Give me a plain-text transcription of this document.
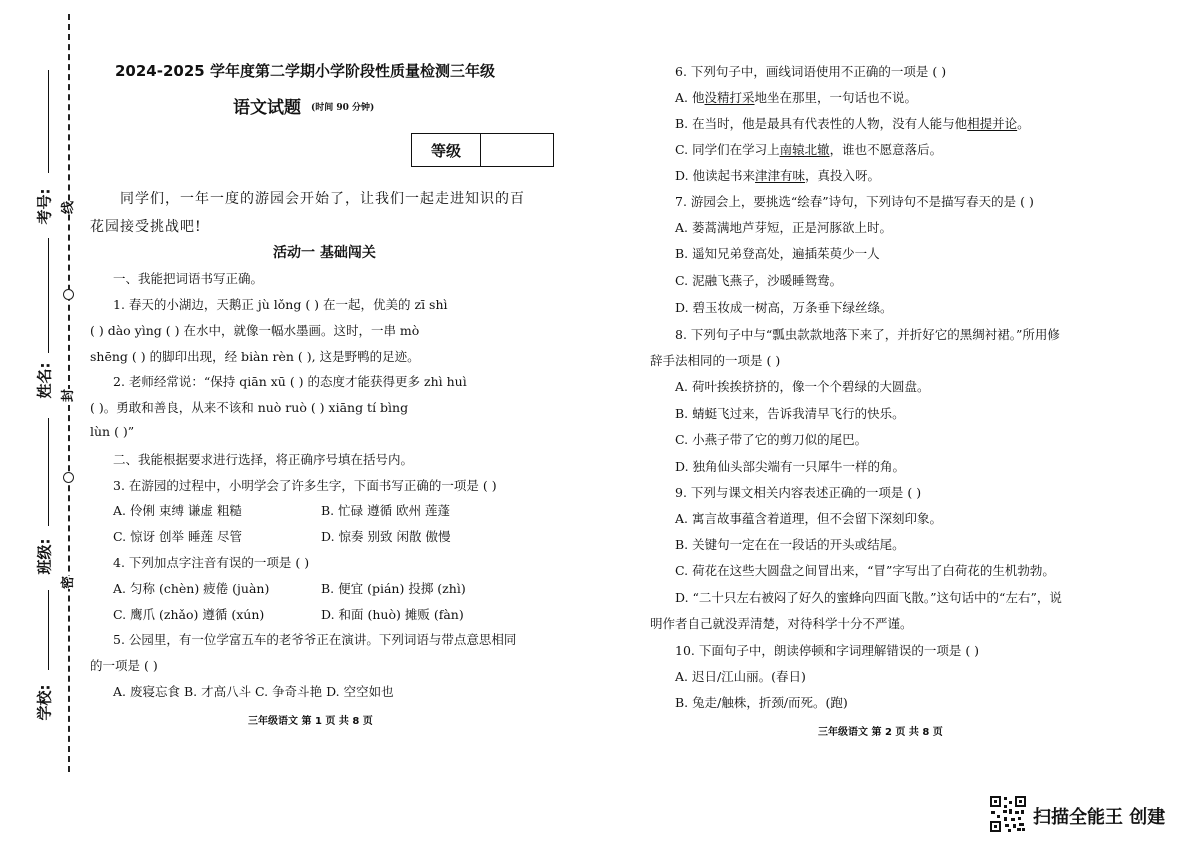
线
封
密
考号:
姓名:
班级:
学校:
2024-2025 学年度第二学期小学阶段性质量检测三年级
语文试题 (时间 90 分钟)
等级
同学们，一年一度的游园会开始了，让我们一起走进知识的百
花园接受挑战吧!
活动一 基础闯关
一、我能把词语书写正确。
1. 春天的小湖边，天鹅正 jù lǒng ( ) 在一起，优美的 zī shì
( ) dào yìng ( ) 在水中，就像一幅水墨画。这时，一串 mò
shēng ( ) 的脚印出现，经 biàn rèn ( ), 这是野鸭的足迹。
2. 老师经常说：“保持 qiān xū ( ) 的态度才能获得更多 zhì huì
( )。勇敢和善良，从来不该和 nuò ruò ( ) xiāng tí bìng
lùn ( )”
二、我能根据要求进行选择，将正确序号填在括号内。
3. 在游园的过程中，小明学会了许多生字，下面书写正确的一项是 ( )
A. 伶俐 束缚 谦虚 粗糙	B. 忙碌 遵循 欧州 莲蓬
C. 惊讶 创举 睡莲 尽管	D. 惊奏 别致 闲散 傲慢
4. 下列加点字注音有误的一项是 ( )
A. 匀称 (chèn) 疲倦 (juàn)	B. 便宜 (pián) 投掷 (zhì)
C. 鹰爪 (zhǎo) 遵循 (xún)	D. 和面 (huò) 摊贩 (fàn)
5. 公园里，有一位学富五车的老爷爷正在演讲。下列词语与带点意思相同
的一项是 ( )
A. 废寝忘食 B. 才高八斗 C. 争奇斗艳 D. 空空如也
三年级语文 第 1 页 共 8 页
6. 下列句子中，画线词语使用不正确的一项是 ( )
A. 他没精打采地坐在那里，一句话也不说。
B. 在当时，他是最具有代表性的人物，没有人能与他相提并论。
C. 同学们在学习上南辕北辙，谁也不愿意落后。
D. 他读起书来津津有味，真投入呀。
7. 游园会上，要挑选“绘春”诗句，下列诗句不是描写春天的是 ( )
A. 蒌蒿满地芦芽短，正是河豚欲上时。
B. 遥知兄弟登高处，遍插茱萸少一人
C. 泥融飞燕子，沙暖睡鸳鸯。
D. 碧玉妆成一树高，万条垂下绿丝绦。
8. 下列句子中与“瓢虫款款地落下来了，并折好它的黑绸衬裙。”所用修
辞手法相同的一项是 ( )
A. 荷叶挨挨挤挤的，像一个个碧绿的大圆盘。
B. 蜻蜓飞过来，告诉我清早飞行的快乐。
C. 小燕子带了它的剪刀似的尾巴。
D. 独角仙头部尖端有一只犀牛一样的角。
9. 下列与课文相关内容表述正确的一项是 ( )
A. 寓言故事蕴含着道理，但不会留下深刻印象。
B. 关键句一定在在一段话的开头或结尾。
C. 荷花在这些大圆盘之间冒出来，“冒”字写出了白荷花的生机勃勃。
D. “二十只左右被闷了好久的蜜蜂向四面飞散。”这句话中的“左右”，说
明作者自己就没弄清楚，对待科学十分不严谨。
10. 下面句子中，朗读停顿和字词理解错误的一项是 ( )
A. 迟日/江山丽。(春日)
B. 兔走/触株，折颈/而死。(跑)
三年级语文 第 2 页 共 8 页
扫描全能王 创建
